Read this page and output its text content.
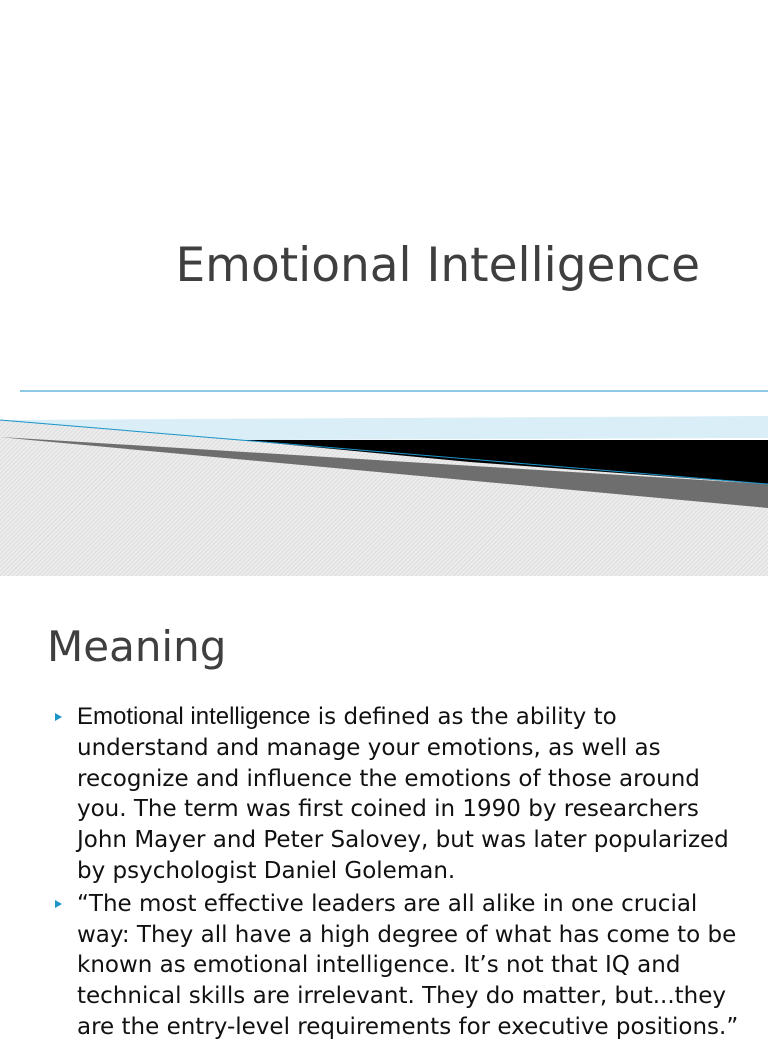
Emotional Intelligence
Meaning
Emotional intelligence is defined as the ability to understand and manage your emotions, as well as recognize and influence the emotions of those around you. The term was first coined in 1990 by researchers John Mayer and Peter Salovey, but was later popularized by psychologist Daniel Goleman.
“The most effective leaders are all alike in one crucial way: They all have a high degree of what has come to be known as emotional intelligence. It’s not that IQ and technical skills are irrelevant. They do matter, but...they are the entry-level requirements for executive positions.”
